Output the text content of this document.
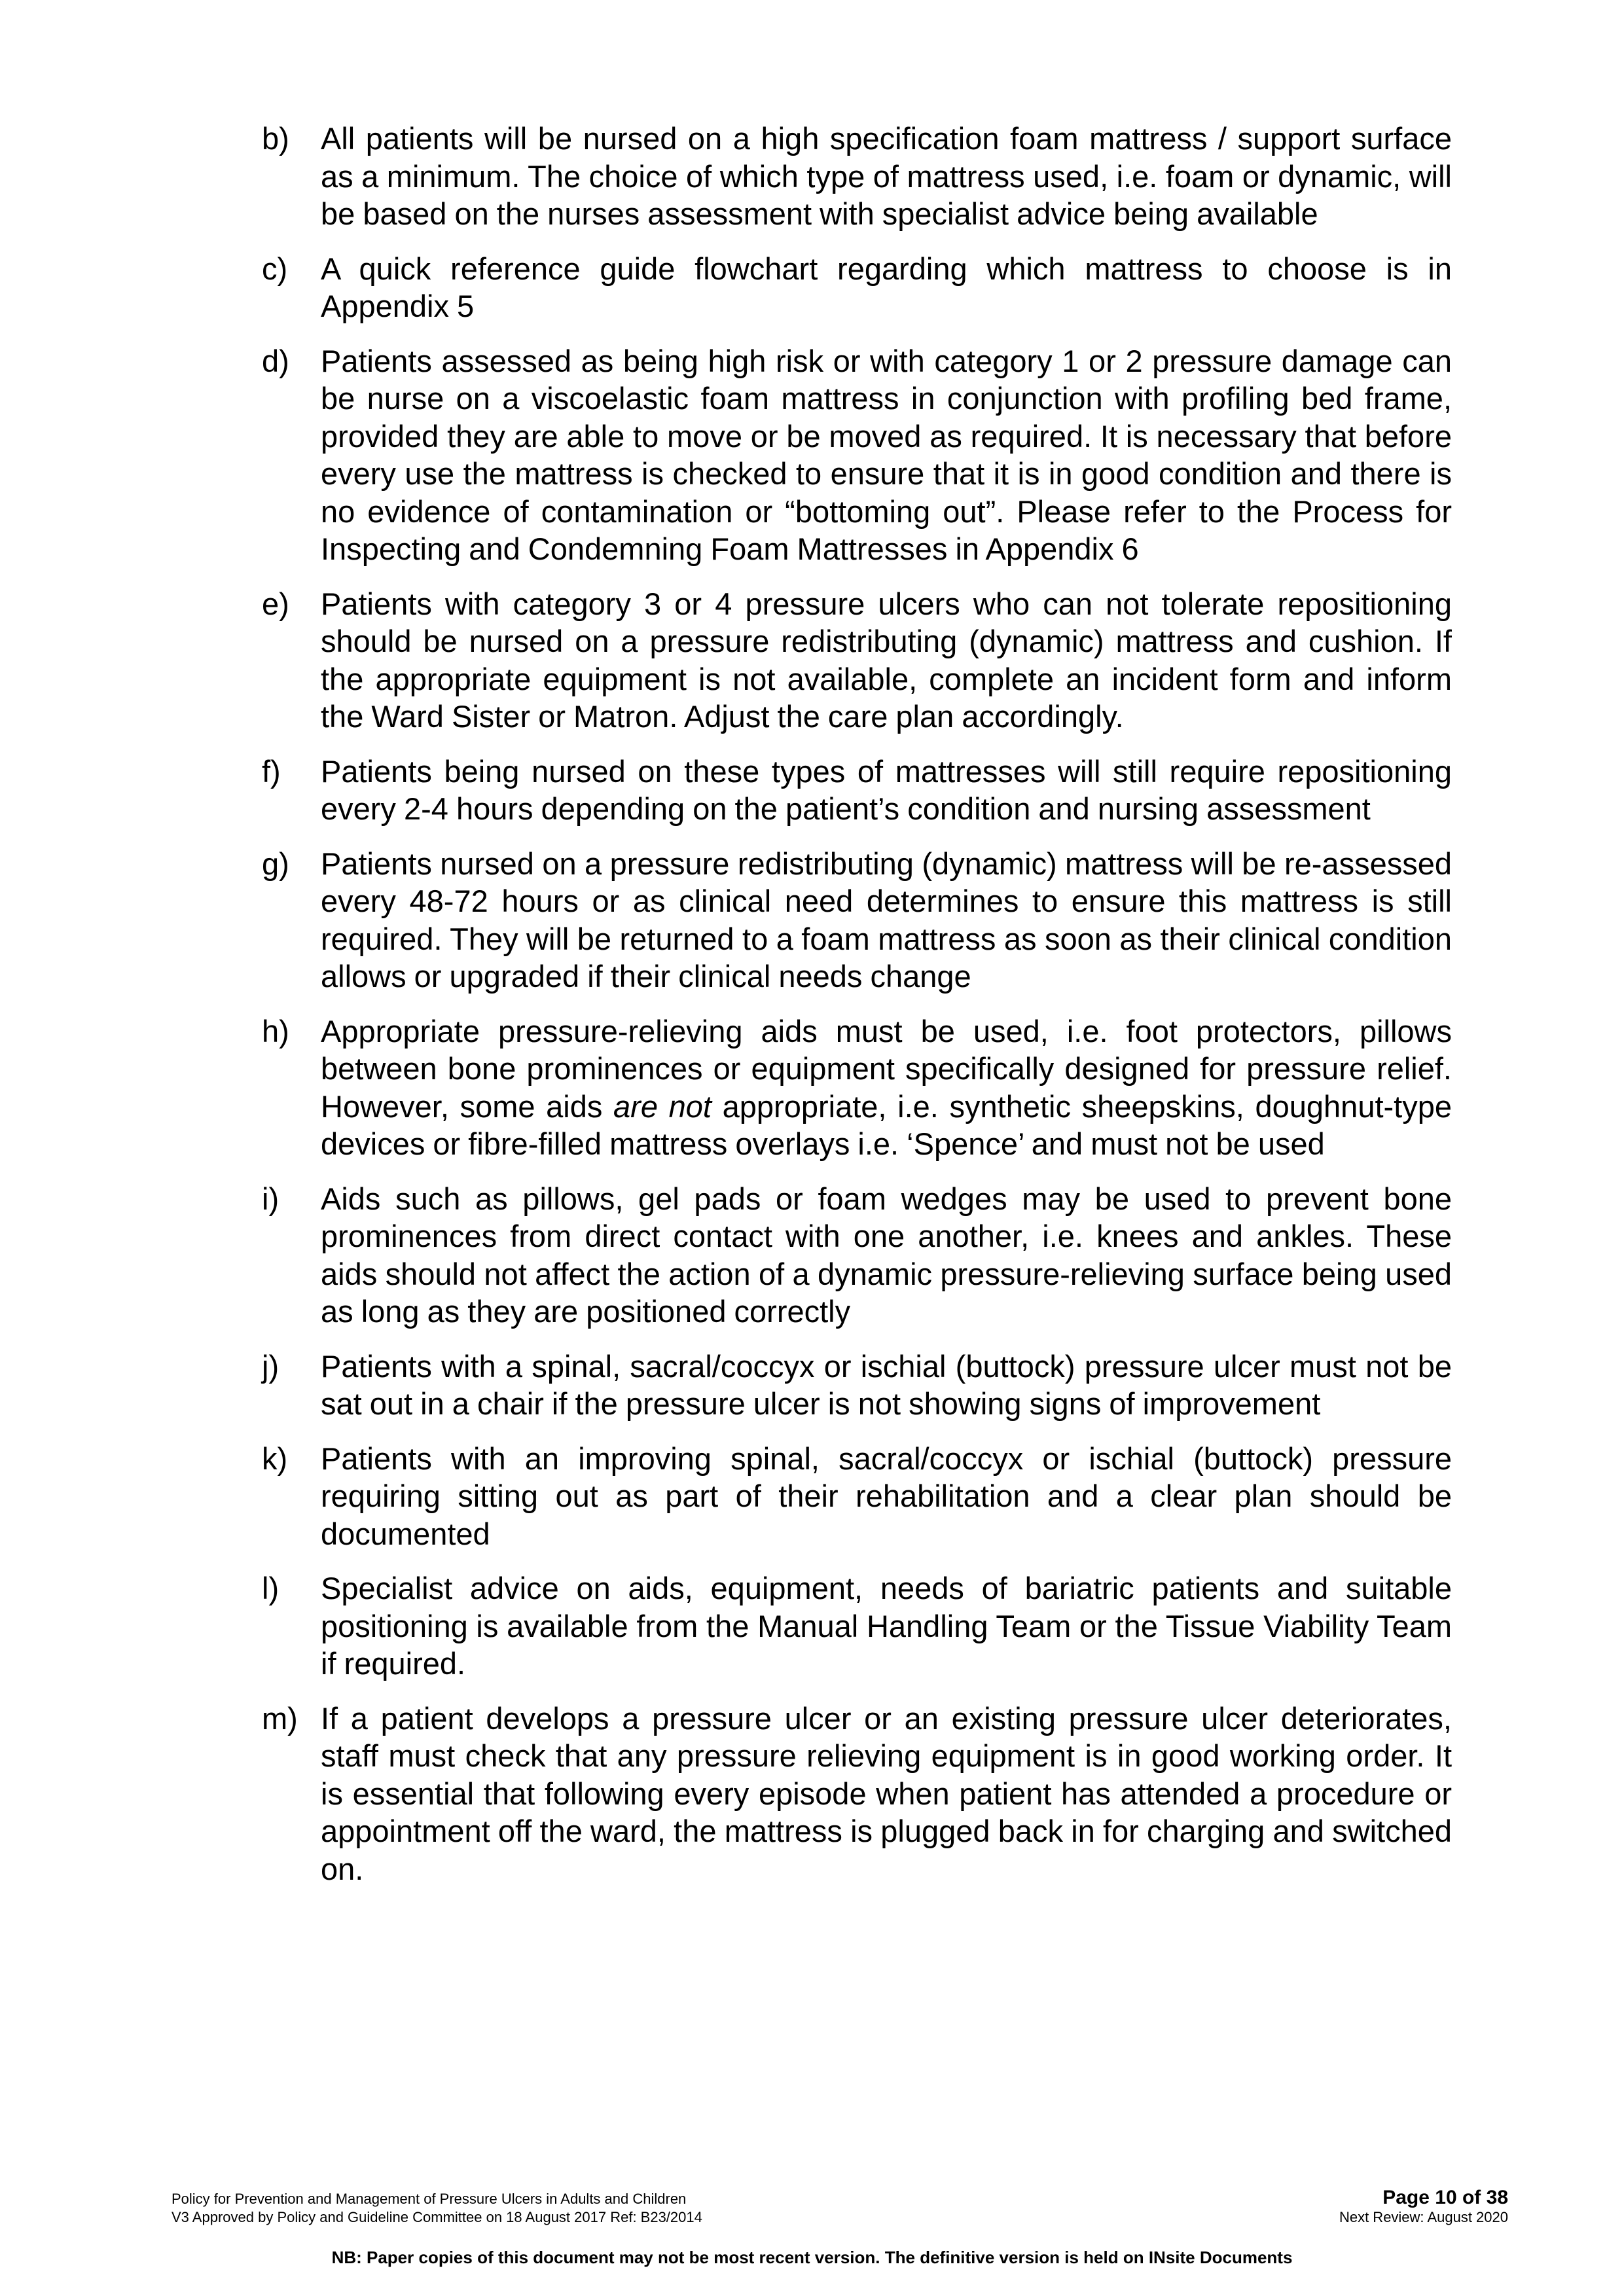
b)	All patients will be nursed on a high specification foam mattress / support surface as a minimum. The choice of which type of mattress used, i.e. foam or dynamic, will be based on the nurses assessment with specialist advice being available
c)	A quick reference guide flowchart regarding which mattress to choose is in Appendix 5
d)	Patients assessed as being high risk or with category 1 or 2 pressure damage can be nurse on a viscoelastic foam mattress in conjunction with profiling bed frame, provided they are able to move or be moved as required. It is necessary that before every use the mattress is checked to ensure that it is in good condition and there is no evidence of contamination or “bottoming out”. Please refer to the Process for Inspecting and Condemning Foam Mattresses in Appendix 6
e)	Patients with category 3 or 4 pressure ulcers who can not tolerate repositioning should be nursed on a pressure redistributing (dynamic) mattress and cushion. If the appropriate equipment is not available, complete an incident form and inform the Ward Sister or Matron. Adjust the care plan accordingly.
f)	Patients being nursed on these types of mattresses will still require repositioning every 2-4 hours depending on the patient’s condition and nursing assessment
g)	Patients nursed on a pressure redistributing (dynamic) mattress will be re-assessed every 48-72 hours or as clinical need determines to ensure this mattress is still required. They will be returned to a foam mattress as soon as their clinical condition allows or upgraded if their clinical needs change
h)	Appropriate pressure-relieving aids must be used, i.e. foot protectors, pillows between bone prominences or equipment specifically designed for pressure relief. However, some aids are not appropriate, i.e. synthetic sheepskins, doughnut-type devices or fibre-filled mattress overlays i.e. ‘Spence’ and must not be used
i)	Aids such as pillows, gel pads or foam wedges may be used to prevent bone prominences from direct contact with one another, i.e. knees and ankles. These aids should not affect the action of a dynamic pressure-relieving surface being used as long as they are positioned correctly
j)	Patients with a spinal, sacral/coccyx or ischial (buttock) pressure ulcer must not be sat out in a chair if the pressure ulcer is not showing signs of improvement
k)	Patients with an improving spinal, sacral/coccyx or ischial (buttock) pressure requiring sitting out as part of their rehabilitation and a clear plan should be documented
l)	Specialist advice on aids, equipment, needs of bariatric patients and suitable positioning is available from the Manual Handling Team or the Tissue Viability Team if required.
m) If a patient develops a pressure ulcer or an existing pressure ulcer deteriorates, staff must check that any pressure relieving equipment is in good working order. It is essential that following every episode when patient has attended a procedure or appointment off the ward, the mattress is plugged back in for charging and switched on.
Policy for Prevention and Management of Pressure Ulcers in Adults and Children	Page 10 of 38
V3 Approved by Policy and Guideline Committee on 18 August 2017 Ref: B23/2014	Next Review: August 2020
NB: Paper copies of this document may not be most recent version. The definitive version is held on INsite Documents
